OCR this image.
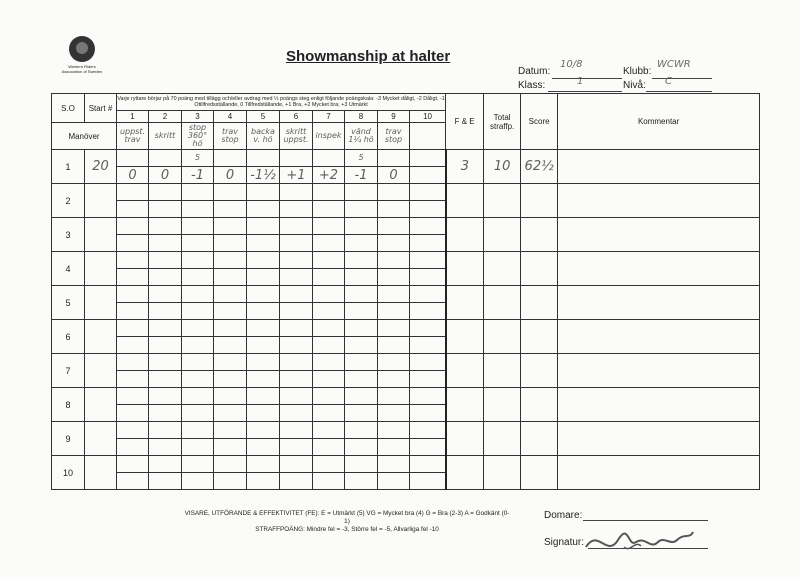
Western Riders Association of Sweden
Showmanship at halter
Datum:
10/8
Klubb:
WCWR
Klass:	1	Nivå: C
S.O	Start #	Varje ryttare börjar på 70 poäng med tillägg och/eller avdrag med ½ poängs steg enligt följande poängskala: -3 Mycket dåligt, -2 Dåligt, -1 Otillfredsställande, 0 Tillfredställande, +1 Bra, +2 Mycket bra, +3 Utmärkt										F & E	Total straffp.	Score	Kommentar
		1	2	3	4	5	6	7	8	9	10				
Manöver		uppst. trav	skritt	stop 360° hö	trav stop	backa v. hö	skritt uppst.	inspek	vänd 1¼ hö	trav stop					
1	20			5					5			3	10	62½	
		0	0	-1	0	-1½	+1	+2	-1	0					
2															

3															

4															

5															

6															

7															

8															

9															

10															

VISARE, UTFÖRANDE & EFFEKTIVITET (FE): E = Utmärkt (5) VG = Mycket bra (4) G = Bra (2-3) A = Godkänt (0-1)
STRAFFPOÄNG: Mindre fel = -3, Större fel = -5, Allvarliga fel -10
Domare:
Signatur:
